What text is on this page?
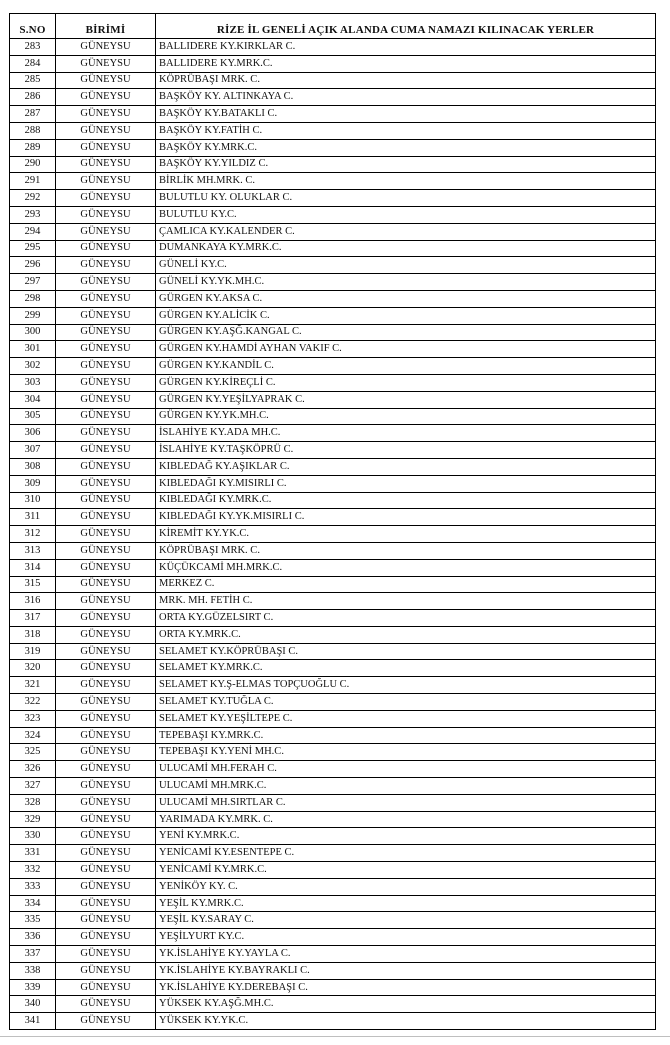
S.NO	BİRİMİ	RİZE İL GENELİ AÇIK ALANDA CUMA NAMAZI KILINACAK YERLER
283	GÜNEYSU	BALLIDERE KY.KIRKLAR C.
284	GÜNEYSU	BALLIDERE KY.MRK.C.
285	GÜNEYSU	KÖPRÜBAŞI MRK. C.
286	GÜNEYSU	BAŞKÖY KY. ALTINKAYA C.
287	GÜNEYSU	BAŞKÖY KY.BATAKLI C.
288	GÜNEYSU	BAŞKÖY KY.FATİH C.
289	GÜNEYSU	BAŞKÖY KY.MRK.C.
290	GÜNEYSU	BAŞKÖY KY.YILDIZ C.
291	GÜNEYSU	BİRLİK MH.MRK. C.
292	GÜNEYSU	BULUTLU KY. OLUKLAR C.
293	GÜNEYSU	BULUTLU KY.C.
294	GÜNEYSU	ÇAMLICA KY.KALENDER C.
295	GÜNEYSU	DUMANKAYA KY.MRK.C.
296	GÜNEYSU	GÜNELİ KY.C.
297	GÜNEYSU	GÜNELİ KY.YK.MH.C.
298	GÜNEYSU	GÜRGEN KY.AKSA C.
299	GÜNEYSU	GÜRGEN KY.ALİCİK C.
300	GÜNEYSU	GÜRGEN KY.AŞĞ.KANGAL C.
301	GÜNEYSU	GÜRGEN KY.HAMDİ AYHAN VAKIF C.
302	GÜNEYSU	GÜRGEN KY.KANDİL C.
303	GÜNEYSU	GÜRGEN KY.KİREÇLİ C.
304	GÜNEYSU	GÜRGEN KY.YEŞİLYAPRAK C.
305	GÜNEYSU	GÜRGEN KY.YK.MH.C.
306	GÜNEYSU	İSLAHİYE KY.ADA MH.C.
307	GÜNEYSU	İSLAHİYE KY.TAŞKÖPRÜ C.
308	GÜNEYSU	KIBLEDAĞ KY.AŞIKLAR C.
309	GÜNEYSU	KIBLEDAĞI KY.MISIRLI C.
310	GÜNEYSU	KIBLEDAĞI KY.MRK.C.
311	GÜNEYSU	KIBLEDAĞI KY.YK.MISIRLI C.
312	GÜNEYSU	KİREMİT KY.YK.C.
313	GÜNEYSU	KÖPRÜBAŞI MRK. C.
314	GÜNEYSU	KÜÇÜKCAMİ MH.MRK.C.
315	GÜNEYSU	MERKEZ C.
316	GÜNEYSU	MRK. MH. FETİH C.
317	GÜNEYSU	ORTA KY.GÜZELSIRT C.
318	GÜNEYSU	ORTA KY.MRK.C.
319	GÜNEYSU	SELAMET KY.KÖPRÜBAŞI C.
320	GÜNEYSU	SELAMET KY.MRK.C.
321	GÜNEYSU	SELAMET KY.Ş-ELMAS TOPÇUOĞLU C.
322	GÜNEYSU	SELAMET KY.TUĞLA C.
323	GÜNEYSU	SELAMET KY.YEŞİLTEPE C.
324	GÜNEYSU	TEPEBAŞI KY.MRK.C.
325	GÜNEYSU	TEPEBAŞI KY.YENİ MH.C.
326	GÜNEYSU	ULUCAMİ MH.FERAH C.
327	GÜNEYSU	ULUCAMİ MH.MRK.C.
328	GÜNEYSU	ULUCAMİ MH.SIRTLAR C.
329	GÜNEYSU	YARIMADA KY.MRK. C.
330	GÜNEYSU	YENİ KY.MRK.C.
331	GÜNEYSU	YENİCAMİ KY.ESENTEPE C.
332	GÜNEYSU	YENİCAMİ KY.MRK.C.
333	GÜNEYSU	YENİKÖY KY. C.
334	GÜNEYSU	YEŞİL KY.MRK.C.
335	GÜNEYSU	YEŞİL KY.SARAY C.
336	GÜNEYSU	YEŞİLYURT KY.C.
337	GÜNEYSU	YK.İSLAHİYE KY.YAYLA C.
338	GÜNEYSU	YK.İSLAHİYE KY.BAYRAKLI C.
339	GÜNEYSU	YK.İSLAHİYE KY.DEREBAŞI C.
340	GÜNEYSU	YÜKSEK KY.AŞĞ.MH.C.
341	GÜNEYSU	YÜKSEK KY.YK.C.
